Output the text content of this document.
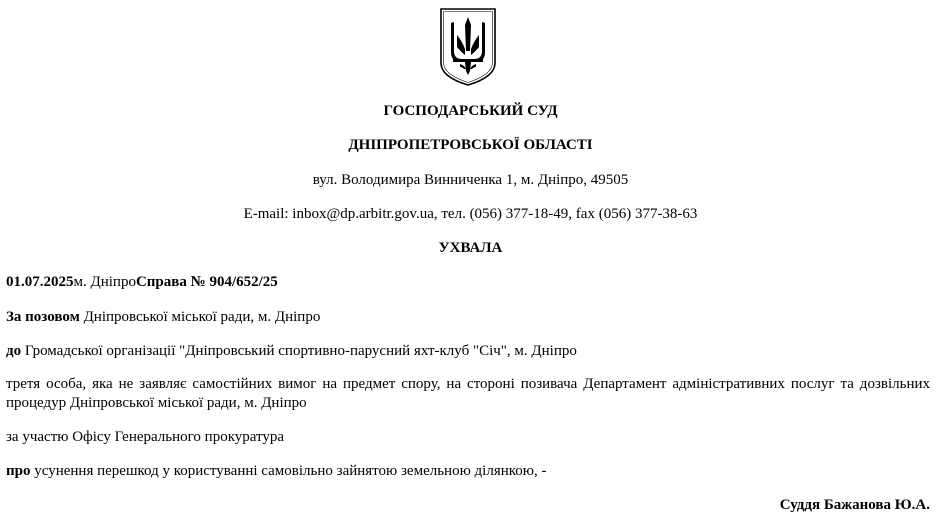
ГОСПОДАРСЬКИЙ СУД
ДНІПРОПЕТРОВСЬКОЇ ОБЛАСТІ
вул. Володимира Винниченка 1, м. Дніпро, 49505
E-mail: inbox@dp.arbitr.gov.ua, тел. (056) 377-18-49, fax (056) 377-38-63
УХВАЛА
01.07.2025м. ДніпроСправа № 904/652/25
За позовом Дніпровської міської ради, м. Дніпро
до Громадської організації "Дніпровський спортивно-парусний яхт-клуб "Січ", м. Дніпро
третя особа, яка не заявляє самостійних вимог на предмет спору, на стороні позивача Департамент адміністративних послуг та дозвільних процедур Дніпровської міської ради, м. Дніпро
за участю Офісу Генерального прокуратура
про усунення перешкод у користуванні самовільно зайнятою земельною ділянкою, -
Суддя Бажанова Ю.А.
